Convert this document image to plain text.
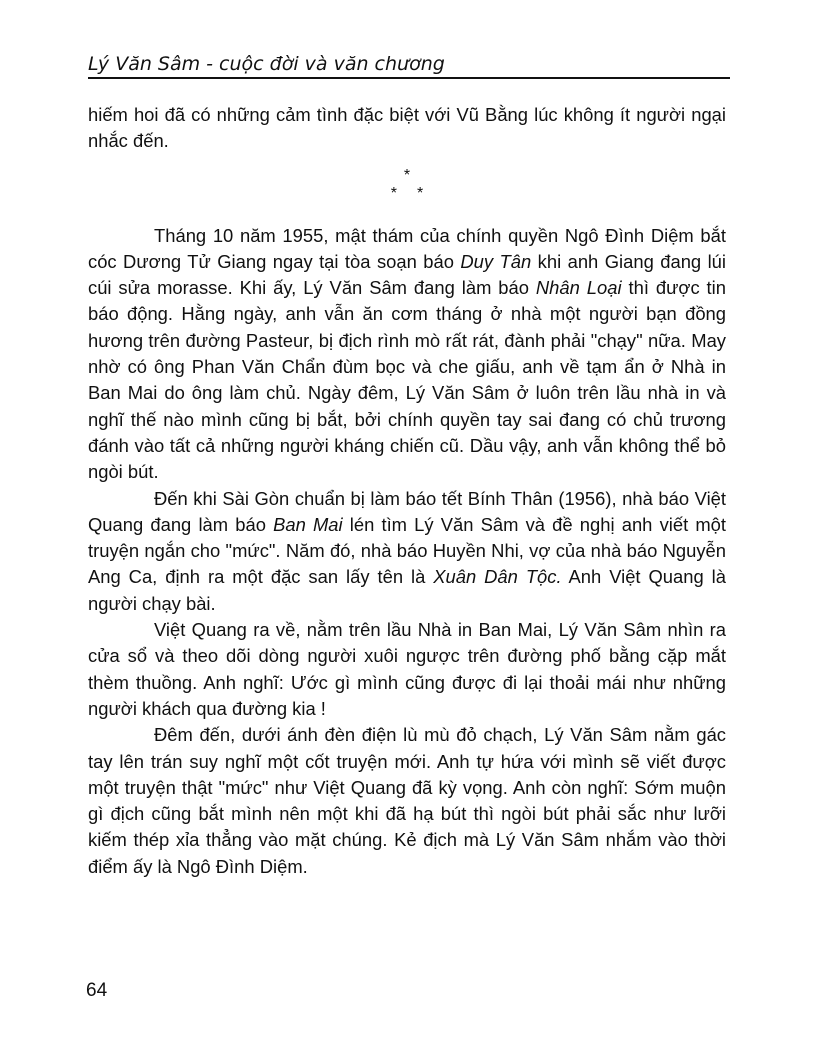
Lý Văn Sâm - cuộc đời và văn chương

hiếm hoi đã có những cảm tình đặc biệt với Vũ Bằng lúc không ít người ngại nhắc đến.

*
* *

Tháng 10 năm 1955, mật thám của chính quyền Ngô Đình Diệm bắt cóc Dương Tử Giang ngay tại tòa soạn báo Duy Tân khi anh Giang đang lúi cúi sửa morasse. Khi ấy, Lý Văn Sâm đang làm báo Nhân Loại thì được tin báo động. Hằng ngày, anh vẫn ăn cơm tháng ở nhà một người bạn đồng hương trên đường Pasteur, bị địch rình mò rất rát, đành phải "chạy" nữa. May nhờ có ông Phan Văn Chẩn đùm bọc và che giấu, anh về tạm ẩn ở Nhà in Ban Mai do ông làm chủ. Ngày đêm, Lý Văn Sâm ở luôn trên lầu nhà in và nghĩ thế nào mình cũng bị bắt, bởi chính quyền tay sai đang có chủ trương đánh vào tất cả những người kháng chiến cũ. Dầu vậy, anh vẫn không thể bỏ ngòi bút.

Đến khi Sài Gòn chuẩn bị làm báo tết Bính Thân (1956), nhà báo Việt Quang đang làm báo Ban Mai lén tìm Lý Văn Sâm và đề nghị anh viết một truyện ngắn cho "mức". Năm đó, nhà báo Huyền Nhi, vợ của nhà báo Nguyễn Ang Ca, định ra một đặc san lấy tên là Xuân Dân Tộc. Anh Việt Quang là người chạy bài.

Việt Quang ra về, nằm trên lầu Nhà in Ban Mai, Lý Văn Sâm nhìn ra cửa sổ và theo dõi dòng người xuôi ngược trên đường phố bằng cặp mắt thèm thuồng. Anh nghĩ: Ước gì mình cũng được đi lại thoải mái như những người khách qua đường kia !

Đêm đến, dưới ánh đèn điện lù mù đỏ chạch, Lý Văn Sâm nằm gác tay lên trán suy nghĩ một cốt truyện mới. Anh tự hứa với mình sẽ viết được một truyện thật "mức" như Việt Quang đã kỳ vọng. Anh còn nghĩ: Sớm muộn gì địch cũng bắt mình nên một khi đã hạ bút thì ngòi bút phải sắc như lưỡi kiếm thép xỉa thẳng vào mặt chúng. Kẻ địch mà Lý Văn Sâm nhắm vào thời điểm ấy là Ngô Đình Diệm.

64
